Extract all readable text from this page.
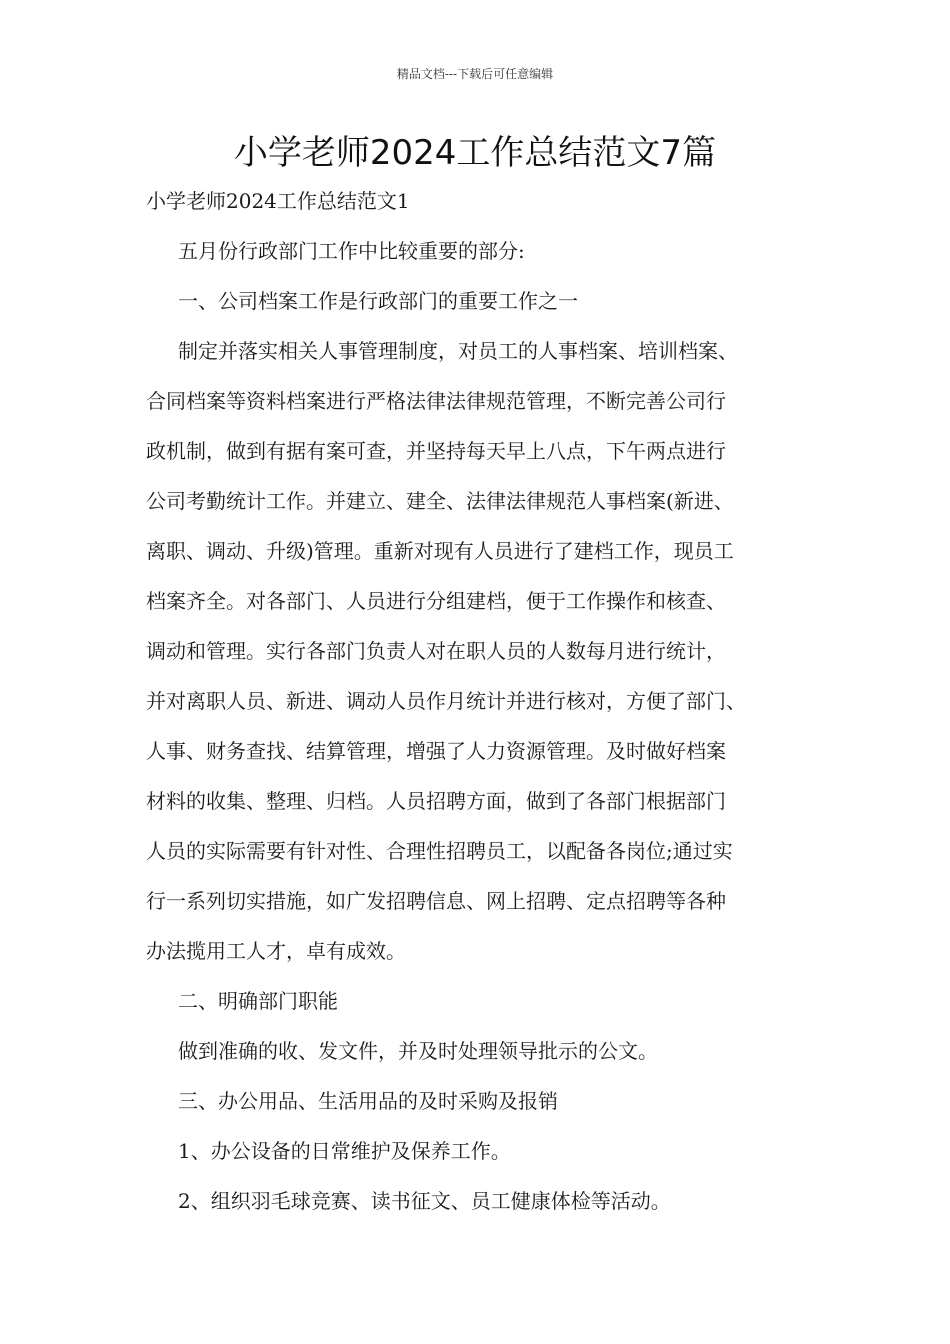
精品文档---下载后可任意编辑
小学老师2024工作总结范文7篇
小学老师2024工作总结范文1
五月份行政部门工作中比较重要的部分:
一、公司档案工作是行政部门的重要工作之一
制定并落实相关人事管理制度，对员工的人事档案、培训档案、
合同档案等资料档案进行严格法律法律规范管理，不断完善公司行
政机制，做到有据有案可查，并坚持每天早上八点，下午两点进行
公司考勤统计工作。并建立、建全、法律法律规范人事档案(新进、
离职、调动、升级)管理。重新对现有人员进行了建档工作，现员工
档案齐全。对各部门、人员进行分组建档，便于工作操作和核查、
调动和管理。实行各部门负责人对在职人员的人数每月进行统计，
并对离职人员、新进、调动人员作月统计并进行核对，方便了部门、
人事、财务查找、结算管理，增强了人力资源管理。及时做好档案
材料的收集、整理、归档。人员招聘方面，做到了各部门根据部门
人员的实际需要有针对性、合理性招聘员工，以配备各岗位;通过实
行一系列切实措施，如广发招聘信息、网上招聘、定点招聘等各种
办法揽用工人才，卓有成效。
二、明确部门职能
做到准确的收、发文件，并及时处理领导批示的公文。
三、办公用品、生活用品的及时采购及报销
1、办公设备的日常维护及保养工作。
2、组织羽毛球竞赛、读书征文、员工健康体检等活动。
